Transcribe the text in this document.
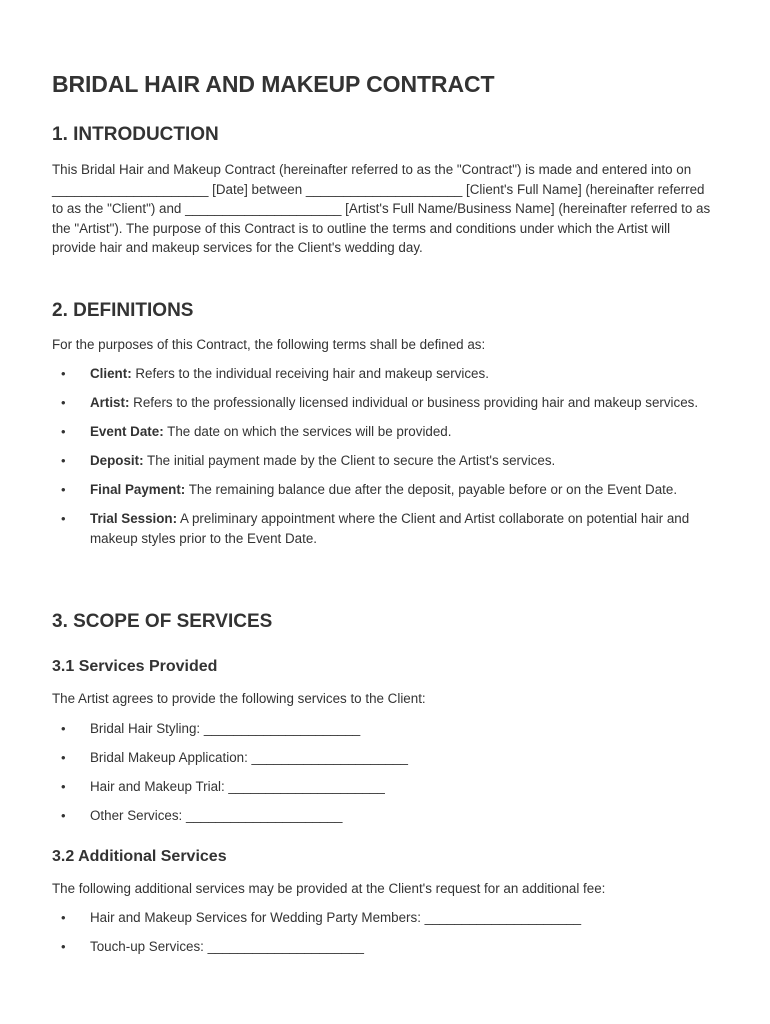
BRIDAL HAIR AND MAKEUP CONTRACT
1. INTRODUCTION

This Bridal Hair and Makeup Contract (hereinafter referred to as the "Contract") is made and entered into on _____________________ [Date] between _____________________ [Client's Full Name] (hereinafter referred to as the "Client") and _____________________ [Artist's Full Name/Business Name] (hereinafter referred to as the "Artist"). The purpose of this Contract is to outline the terms and conditions under which the Artist will provide hair and makeup services for the Client's wedding day.

2. DEFINITIONS

For the purposes of this Contract, the following terms shall be defined as:

• Client: Refers to the individual receiving hair and makeup services.
• Artist: Refers to the professionally licensed individual or business providing hair and makeup services.
• Event Date: The date on which the services will be provided.
• Deposit: The initial payment made by the Client to secure the Artist's services.
• Final Payment: The remaining balance due after the deposit, payable before or on the Event Date.
• Trial Session: A preliminary appointment where the Client and Artist collaborate on potential hair and makeup styles prior to the Event Date.
3. SCOPE OF SERVICES
3.1 Services Provided

The Artist agrees to provide the following services to the Client:

• Bridal Hair Styling: _____________________
• Bridal Makeup Application: _____________________
• Hair and Makeup Trial: _____________________
• Other Services: _____________________
3.2 Additional Services

The following additional services may be provided at the Client's request for an additional fee:

• Hair and Makeup Services for Wedding Party Members: _____________________
• Touch-up Services: _____________________
